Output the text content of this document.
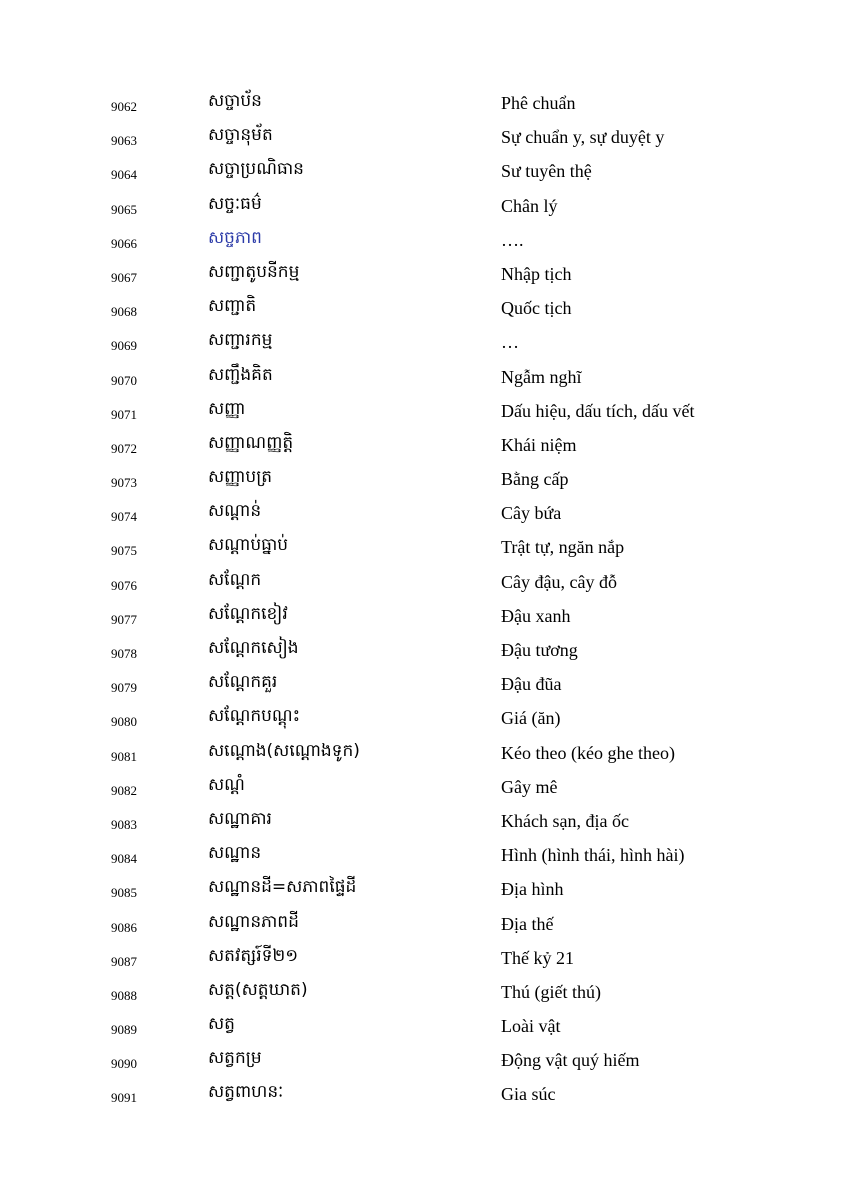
9062	សច្ចាប័ន	Phê chuẩn
9063	សច្ចានុម័ត	Sự chuẩn y, sự duyệt y
9064	សច្ចាប្រណិធាន	Sư tuyên thệ
9065	សច្ចៈធម៌	Chân lý
9066	សច្ចភាព	….
9067	សញ្ជាតូបនីកម្ម	Nhập tịch
9068	សញ្ជាតិ	Quốc tịch
9069	សញ្ជារកម្ម	…
9070	សញ្ជឹងគិត	Ngẫm nghĩ
9071	សញ្ញា	Dấu hiệu, dấu tích, dấu vết
9072	សញ្ញាណញ្ញត្តិ	Khái niệm
9073	សញ្ញាបត្រ	Bằng cấp
9074	សណ្តាន់	Cây bứa
9075	សណ្តាប់ធ្នាប់	Trật tự, ngăn nắp
9076	សណ្តែក	Cây đậu, cây đỗ
9077	សណ្តែកខៀវ	Đậu xanh
9078	សណ្តែកសៀង	Đậu tương
9079	សណ្តែកគួរ	Đậu đũa
9080	សណ្តែកបណ្តុះ	Giá (ăn)
9081	សណ្តោង(សណ្តោងទូក)	Kéo theo (kéo ghe theo)
9082	សណ្តំ	Gây mê
9083	សណ្ឋាគារ	Khách sạn, địa ốc
9084	សណ្ឋាន	Hình (hình thái, hình hài)
9085	សណ្ឋានដី=សភាពផ្ទៃដី	Địa hình
9086	សណ្ឋានភាពដី	Địa thế
9087	សតវត្សរ៍ទី២១	Thế kỷ 21
9088	សត្ត(សត្តឃាត)	Thú (giết thú)
9089	សត្វ	Loài vật
9090	សត្វកម្រ	Động vật quý hiếm
9091	សត្វពាហនៈ	Gia súc
